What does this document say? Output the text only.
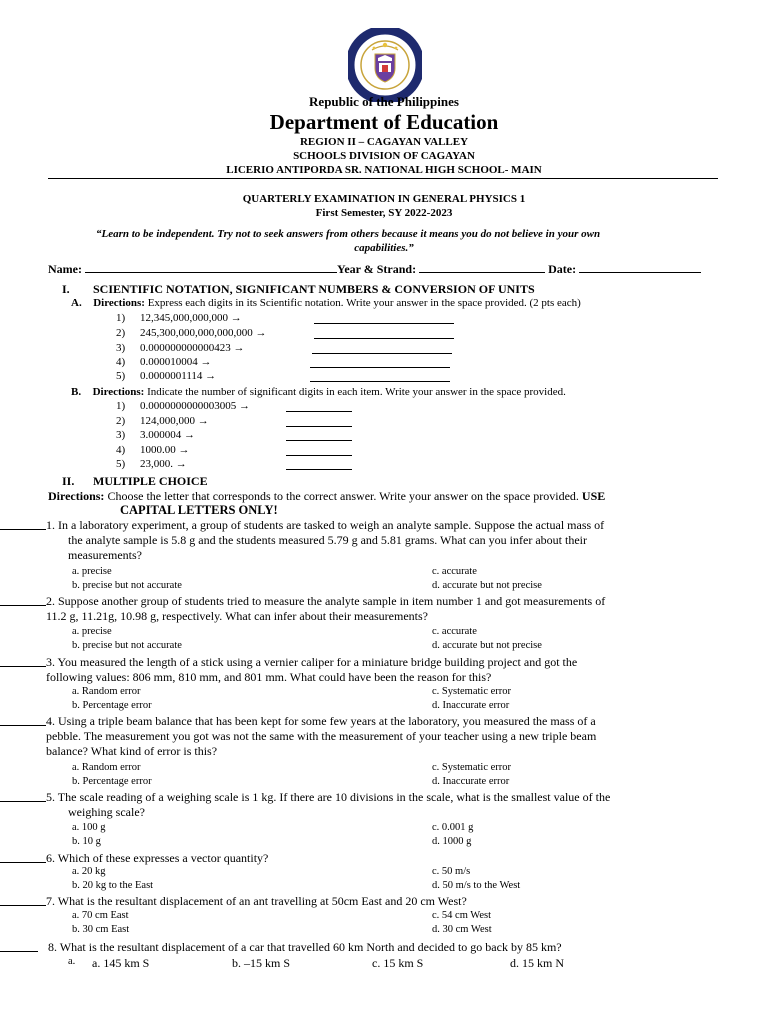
Republic of the Philippines
Department of Education
REGION II – CAGAYAN VALLEY
SCHOOLS DIVISION OF CAGAYAN
LICERIO ANTIPORDA SR. NATIONAL HIGH SCHOOL- MAIN
QUARTERLY EXAMINATION IN GENERAL PHYSICS 1
First Semester, SY 2022-2023
“Learn to be independent. Try not to seek answers from others because it means you do not believe in your own
capabilities.”
Name:	Year & Strand:	Date:
I. SCIENTIFIC NOTATION, SIGNIFICANT NUMBERS & CONVERSION OF UNITS
A. Directions: Express each digits in its Scientific notation. Write your answer in the space provided. (2 pts each)
1) 12,345,000,000,000 →
2) 245,300,000,000,000,000 →
3) 0.000000000000423 →
4) 0.000010004 →
5) 0.0000001114 →
B. Directions: Indicate the number of significant digits in each item. Write your answer in the space provided.
1) 0.0000000000003005 →
2) 124,000,000 →
3) 3.000004 →
4) 1000.00 →
5) 23,000. →
II. MULTIPLE CHOICE
Directions: Choose the letter that corresponds to the correct answer. Write your answer on the space provided. USE
CAPITAL LETTERS ONLY!
1. In a laboratory experiment, a group of students are tasked to weigh an analyte sample. Suppose the actual mass of
the analyte sample is 5.8 g and the students measured 5.79 g and 5.81 grams. What can you infer about their
measurements?
a. precise	c. accurate
b. precise but not accurate	d. accurate but not precise
2. Suppose another group of students tried to measure the analyte sample in item number 1 and got measurements of
11.2 g, 11.21g, 10.98 g, respectively. What can infer about their measurements?
a. precise	c. accurate
b. precise but not accurate	d. accurate but not precise
3. You measured the length of a stick using a vernier caliper for a miniature bridge building project and got the
following values: 806 mm, 810 mm, and 801 mm. What could have been the reason for this?
a. Random error	c. Systematic error
b. Percentage error	d. Inaccurate error
4. Using a triple beam balance that has been kept for some few years at the laboratory, you measured the mass of a
pebble. The measurement you got was not the same with the measurement of your teacher using a new triple beam
balance? What kind of error is this?
a. Random error	c. Systematic error
b. Percentage error	d. Inaccurate error
5. The scale reading of a weighing scale is 1 kg. If there are 10 divisions in the scale, what is the smallest value of the
weighing scale?
a. 100 g	c. 0.001 g
b. 10 g	d. 1000 g
6. Which of these expresses a vector quantity?
a. 20 kg	c. 50 m/s
b. 20 kg to the East	d. 50 m/s to the West
7. What is the resultant displacement of an ant travelling at 50cm East and 20 cm West?
a. 70 cm East	c. 54 cm West
b. 30 cm East	d. 30 cm West
8. What is the resultant displacement of a car that travelled 60 km North and decided to go back by 85 km?
a. a. 145 km S	b. –15 km S	c. 15 km S	d. 15 km N
